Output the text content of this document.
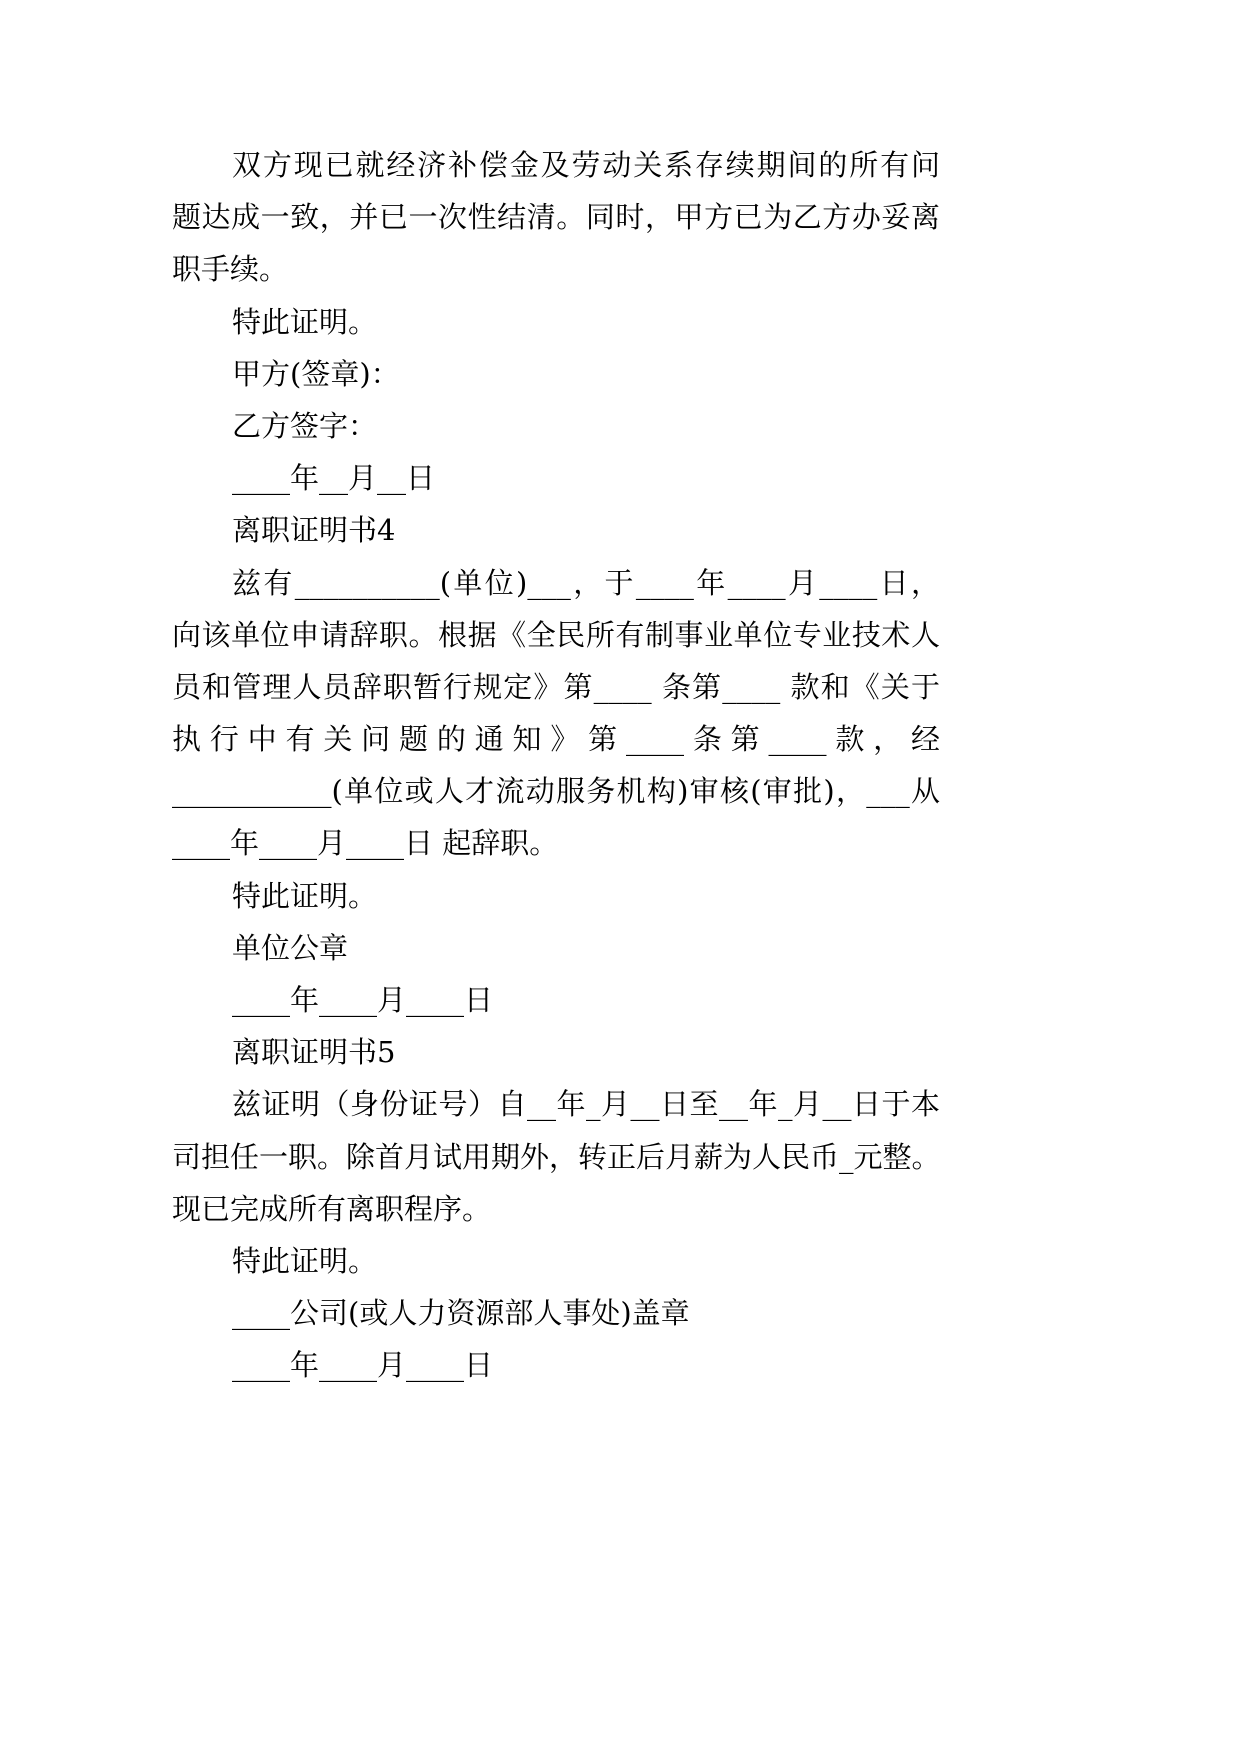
双方现已就经济补偿金及劳动关系存续期间的所有问
题达成一致，并已一次性结清。同时，甲方已为乙方办妥离
职手续。
特此证明。
甲方(签章)：
乙方签字：
____年__月__日
离职证明书4
兹有__________(单位)___，于____年____月____日，
向该单位申请辞职。根据《全民所有制事业单位专业技术人
员和管理人员辞职暂行规定》第____ 条第____ 款和《关于
执行中有关问题的通知》第____条第____款，经
___________(单位或人才流动服务机构)审核(审批)，___从
____年____月____日 起辞职。
特此证明。
单位公章
____年____月____日
离职证明书5
兹证明（身份证号）自__年_月__日至__年_月__日于本
司担任一职。除首月试用期外，转正后月薪为人民币_元整。
现已完成所有离职程序。
特此证明。
____公司(或人力资源部人事处)盖章
____年____月____日
